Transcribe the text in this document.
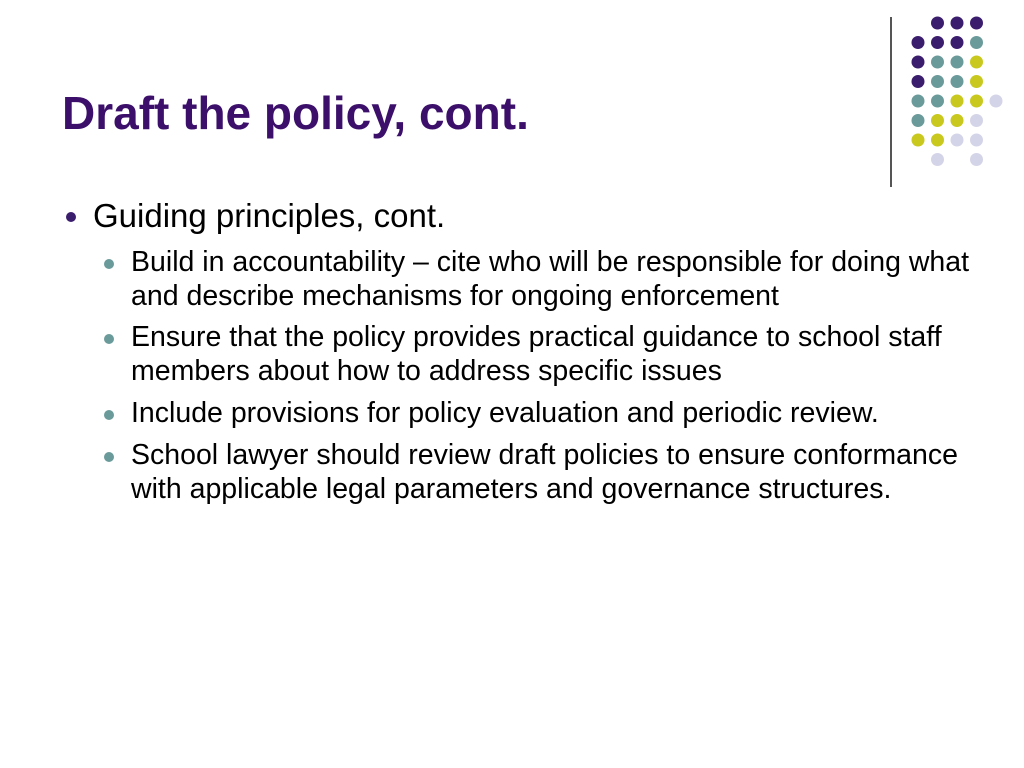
Draft the policy, cont.
Guiding principles, cont.
Build in accountability – cite who will be responsible for doing what and describe mechanisms for ongoing enforcement
Ensure that the policy provides practical guidance to school staff members about how to address specific issues
Include provisions for policy evaluation and periodic review.
School lawyer should review draft policies to ensure conformance with applicable legal parameters and governance structures.
